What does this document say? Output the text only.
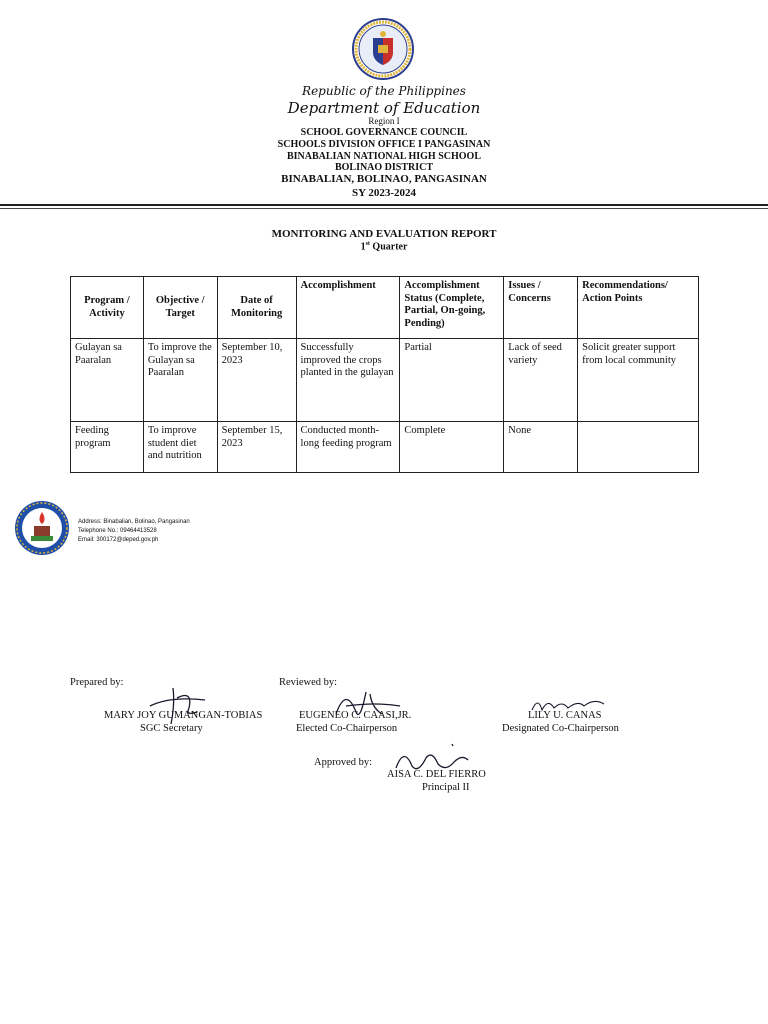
Republic of the Philippines
Department of Education
Region I
SCHOOL GOVERNANCE COUNCIL
SCHOOLS DIVISION OFFICE I PANGASINAN
BINABALIAN NATIONAL HIGH SCHOOL
BOLINAO DISTRICT
BINABALIAN, BOLINAO, PANGASINAN
SY 2023-2024
MONITORING AND EVALUATION REPORT
1st Quarter
Program / Activity	Objective / Target	Date of Monitoring	Accomplishment	Accomplishment Status (Complete, Partial, On-going, Pending)	Issues / Concerns	Recommendations/ Action Points
Gulayan sa Paaralan	To improve the Gulayan sa Paaralan	September 10, 2023	Successfully improved the crops planted in the gulayan	Partial	Lack of seed variety	Solicit greater support from local community
Feeding program	To improve student diet and nutrition	September 15, 2023	Conducted month-long feeding program	Complete	None	
Address: Binabalian, Bolinao, Pangasinan
Telephone No.: 09464413528
Email: 300172@deped.gov.ph
Prepared by:	Reviewed by:
MARY JOY GUMANGAN-TOBIAS
SGC Secretary
EUGENEO C. CAASI,JR.
Elected Co-Chairperson
LILY U. CANAS
Designated Co-Chairperson
Approved by:
AISA C. DEL FIERRO
Principal II
